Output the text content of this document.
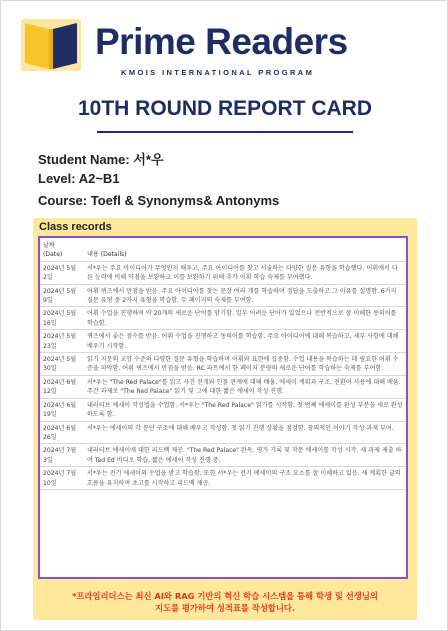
Prime Readers
KMOIS INTERNATIONAL PROGRAM
10TH ROUND REPORT CARD
Student Name: 서*우
Level: A2~B1
Course: Toefl & Synonyms& Antonyms
Class records
날짜
(Date)	내용 (Details)
2024년 5월 2일	서*우는 주요 아이디어가 무엇인지 배우고, 주요 아이디어를 찾고 서술하는 다양한 질문 유형을 학습했다. 어휘에서 다른 능력에 비해 약점을 보완하고 이를 보완하기 위해 추가 어휘 학습 숙제를 부여했다.
2024년 5월 9일	어휘 퀴즈에서 만점을 받음. 주요 아이디어를 찾는 문장 여러 개를 학습하며 정답을 도출하고 그 이유를 설명함. 6가지 질문 유형 중 2가지 유형을 학습함. 두 페이지의 숙제를 부여함.
2024년 5월 16일	어휘 수업을 진행하며 약 20개의 새로운 단어를 암기함. 일부 어려운 단어가 있었으나 전반적으로 잘 이해한 동의어를 학습함.
2024년 5월 23일	퀴즈에서 좋은 점수를 받음. 어휘 수업을 진행하고 동의어를 학습함. 주요 아이디어에 대해 복습하고, 세부 사항에 대해 배우기 시작함.
2024년 5월 30일	읽기 지문의 교양 수준의 다양한 질문 유형을 학습하며 어휘와 표현에 집중함. 수업 내용을 복습하는 데 필요한 어휘 수준을 파악함. 어휘 퀴즈에서 만점을 받음. RC 파트에서 한 페이지 분량의 새로운 단어를 학습하는 숙제를 부여함.
2024년 6월 12일	서*우는 "The Red Palace"를 읽고 사건 전개와 인물 관계에 대해 배움. 에세이 계획과 구조, 전환어 사용에 대해 배움. 주간 과제로 "The Red Palace" 읽기 및 그에 대한 짧은 에세이 작성 진행.
2024년 6월 19일	내러티브 에세이 작성법을 수업함. 서*우는 "The Red Palace" 읽기를 시작함. 첫 번째 에세이를 완성 부분을 새로 완성하도록 함.
2024년 6월 26일	서*우는 에세이의 각 문단 구조에 대해 배우고 작성함. 첫 읽기 진행 상황을 점검함. 창의적인 이야기 작성 과제 부여.
2024년 7월 3일	내러티브 에세이에 대한 피드백 제공. "The Red Palace" 완독. 평가 기록 및 작문 에세이를 작성 시작. 새 과제 제출 하여 Ted Ed 비디오 학습, 짧은 에세이 작성 진행 중.
2024년 7월 10일	서*우는 전기 에세이의 수업을 받고 학습함. 또한 서*우는 전기 에세이의 구조 요소를 잘 이해하고 있음. 새 계획한 글의 흐름을 유지하며 초고를 시작하고 피드백 제공.
*프라임리더스는 최신 AI와 RAG 기반의 혁신 학습 시스템을 통해 학생 및 선생님의
지도를 평가하여 성적표를 작성합니다.
